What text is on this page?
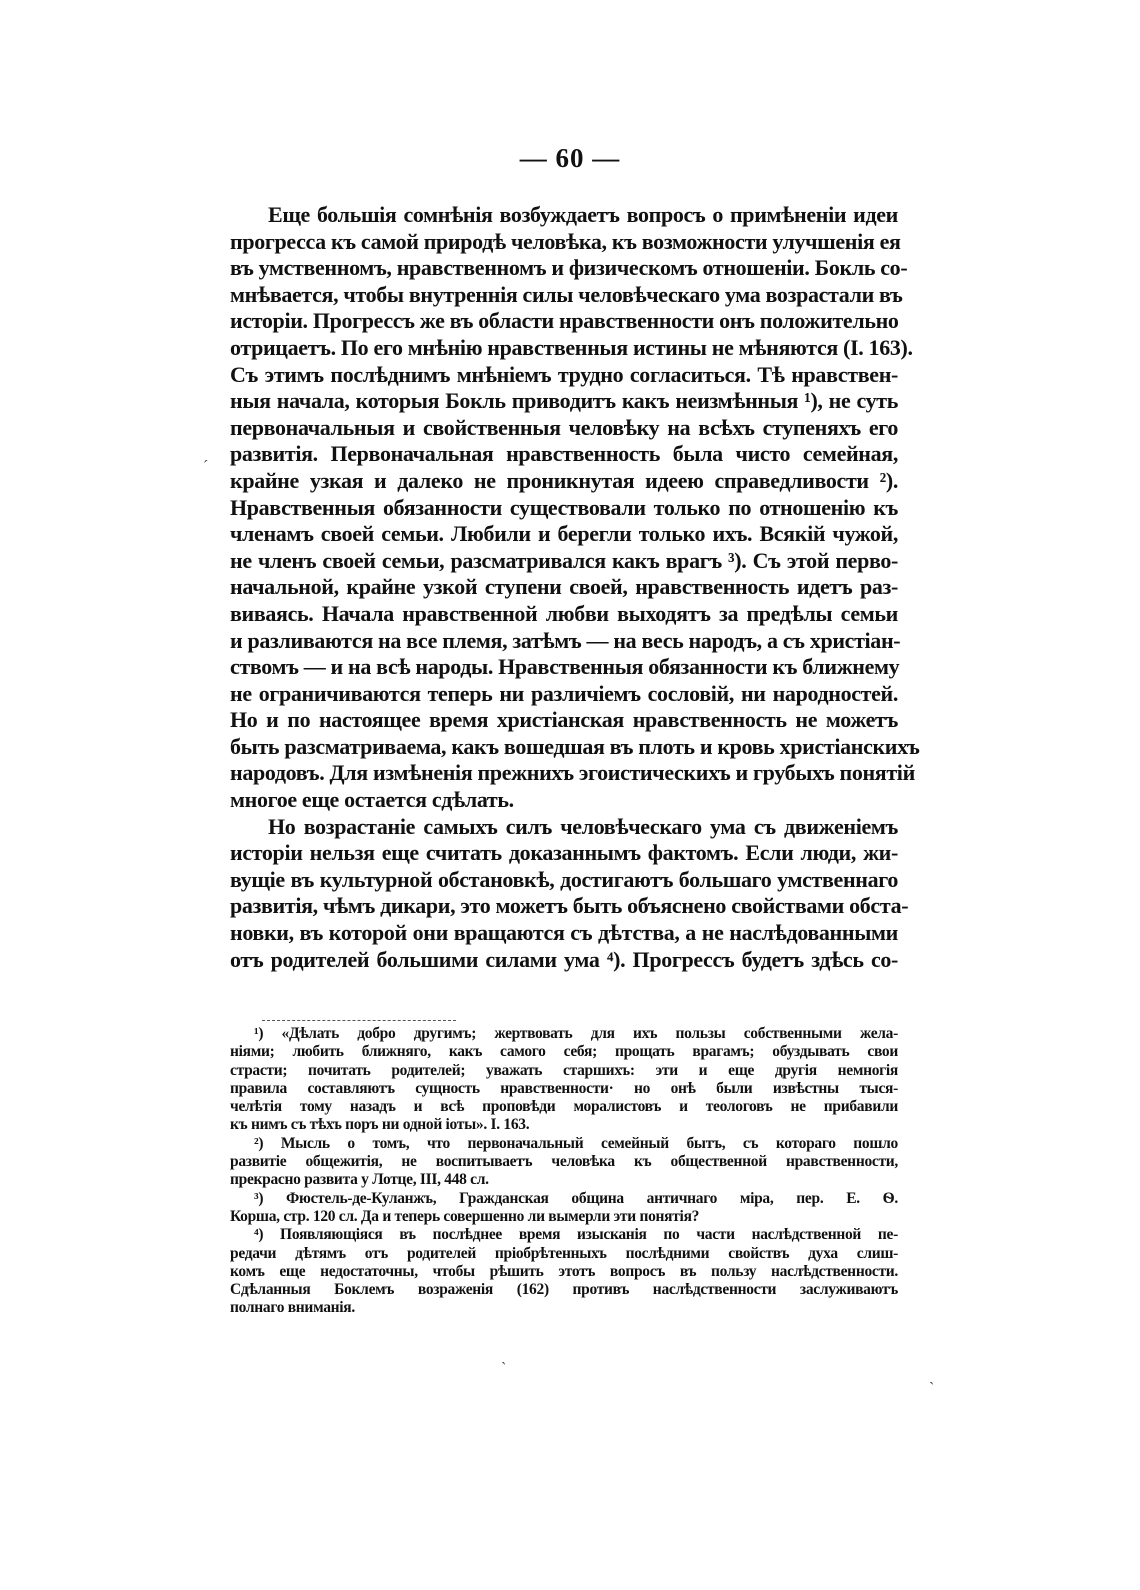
— 60 —
Еще большія сомнѣнія возбуждаетъ вопросъ о примѣненіи идеи
прогресса къ самой природѣ человѣка, къ возможности улучшенія ея
въ умственномъ, нравственномъ и физическомъ отношеніи. Бокль со-
мнѣвается, чтобы внутреннія силы человѣческаго ума возрастали въ
исторіи. Прогрессъ же въ области нравственности онъ положительно
отрицаетъ. По его мнѣнію нравственныя истины не мѣняются (I. 163).
Съ этимъ послѣднимъ мнѣніемъ трудно согласиться. Тѣ нравствен-
ныя начала, которыя Бокль приводитъ какъ неизмѣнныя ¹), не суть
первоначальныя и свойственныя человѣку на всѣхъ ступеняхъ его
развитія. Первоначальная нравственность была чисто семейная,
крайне узкая и далеко не проникнутая идеею справедливости ²).
Нравственныя обязанности существовали только по отношенію къ
членамъ своей семьи. Любили и берегли только ихъ. Всякій чужой,
не членъ своей семьи, разсматривался какъ врагъ ³). Съ этой перво-
начальной, крайне узкой ступени своей, нравственность идетъ раз-
виваясь. Начала нравственной любви выходятъ за предѣлы семьи
и разливаются на все племя, затѣмъ — на весь народъ, а съ христіан-
ствомъ — и на всѣ народы. Нравственныя обязанности къ ближнему
не ограничиваются теперь ни различіемъ сословій, ни народностей.
Но и по настоящее время христіанская нравственность не можетъ
быть разсматриваема, какъ вошедшая въ плоть и кровь христіанскихъ
народовъ. Для измѣненія прежнихъ эгоистическихъ и грубыхъ понятій
многое еще остается сдѣлать.
Но возрастаніе самыхъ силъ человѣческаго ума съ движеніемъ
исторіи нельзя еще считать доказаннымъ фактомъ. Если люди, жи-
вущіе въ культурной обстановкѣ, достигаютъ большаго умственнаго
развитія, чѣмъ дикари, это можетъ быть объяснено свойствами обста-
новки, въ которой они вращаются съ дѣтства, а не наслѣдованными
отъ родителей большими силами ума ⁴). Прогрессъ будетъ здѣсь со-
¹) «Дѣлать добро другимъ; жертвовать для ихъ пользы собственными жела-
ніями; любить ближняго, какъ самого себя; прощать врагамъ; обуздывать свои
страсти; почитать родителей; уважать старшихъ: эти и еще другія немногія
правила составляютъ сущность нравственности· но онѣ были извѣстны тыся-
челѣтія тому назадъ и всѣ проповѣди моралистовъ и теологовъ не прибавили
къ нимъ съ тѣхъ поръ ни одной іоты». I. 163.
²) Мысль о томъ, что первоначальный семейный бытъ, съ котораго пошло
развитіе общежитія, не воспитываетъ человѣка къ общественной нравственности,
прекрасно развита у Лотце, III, 448 сл.
³) Фюстель-де-Куланжъ, Гражданская община античнаго міра, пер. Е. Ѳ.
Корша, стр. 120 сл. Да и теперь совершенно ли вымерли эти понятія?
⁴) Появляющіяся въ послѣднее время изысканія по части наслѣдственной пе-
редачи дѣтямъ отъ родителей пріобрѣтенныхъ послѣдними свойствъ духа слиш-
комъ еще недостаточны, чтобы рѣшить этотъ вопросъ въ пользу наслѣдственности.
Сдѣланныя Боклемъ возраженія (162) противъ наслѣдственности заслуживаютъ
полнаго вниманія.
ˊ
ˏ
ˎ
